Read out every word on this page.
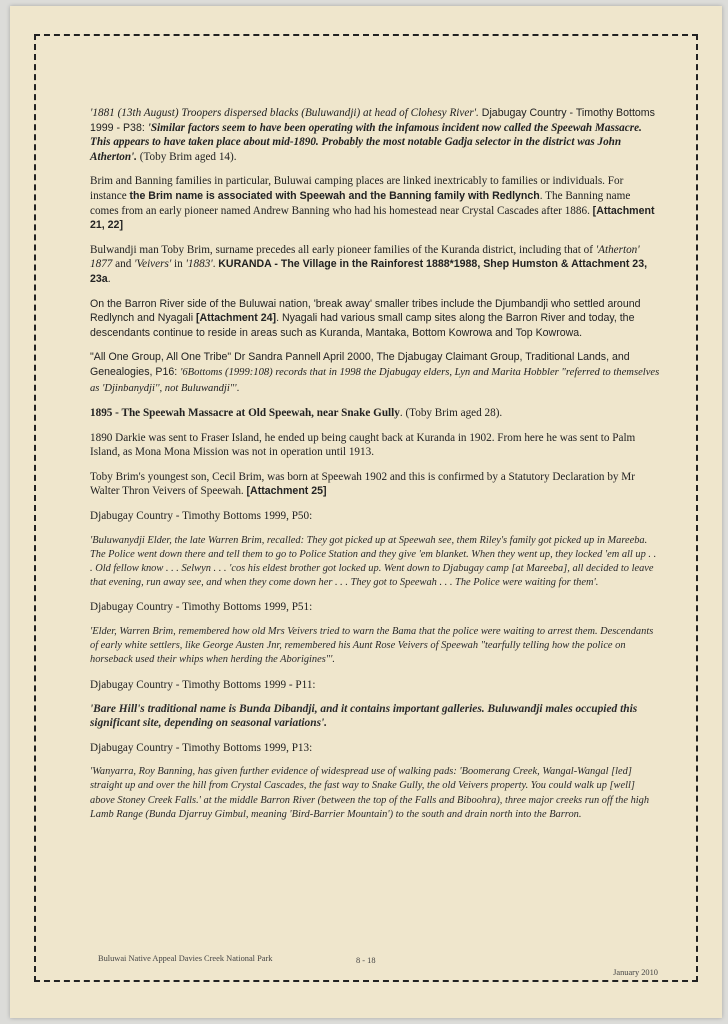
'1881 (13th August) Troopers dispersed blacks (Buluwandji) at head of Clohesy River'. Djabugay Country - Timothy Bottoms 1999 - P38: 'Similar factors seem to have been operating with the infamous incident now called the Speewah Massacre. This appears to have taken place about mid-1890. Probably the most notable Gadja selector in the district was John Atherton'. (Toby Brim aged 14).

Brim and Banning families in particular, Buluwai camping places are linked inextricably to families or individuals. For instance the Brim name is associated with Speewah and the Banning family with Redlynch. The Banning name comes from an early pioneer named Andrew Banning who had his homestead near Crystal Cascades after 1886. [Attachment 21, 22]

Bulwandji man Toby Brim, surname precedes all early pioneer families of the Kuranda district, including that of 'Atherton' 1877 and 'Veivers' in '1883'. KURANDA - The Village in the Rainforest 1888*1988, Shep Humston & Attachment 23, 23a.

On the Barron River side of the Buluwai nation, 'break away' smaller tribes include the Djumbandji who settled around Redlynch and Nyagali [Attachment 24]. Nyagali had various small camp sites along the Barron River and today, the descendants continue to reside in areas such as Kuranda, Mantaka, Bottom Kowrowa and Top Kowrowa.

"All One Group, All One Tribe" Dr Sandra Pannell April 2000, The Djabugay Claimant Group, Traditional Lands, and Genealogies, P16: '6Bottoms (1999:108) records that in 1998 the Djabugay elders, Lyn and Marita Hobbler "referred to themselves as 'Djinbanydji'', not Buluwandji"'.

1895 - The Speewah Massacre at Old Speewah, near Snake Gully. (Toby Brim aged 28).

1890 Darkie was sent to Fraser Island, he ended up being caught back at Kuranda in 1902. From here he was sent to Palm Island, as Mona Mona Mission was not in operation until 1913.

Toby Brim's youngest son, Cecil Brim, was born at Speewah 1902 and this is confirmed by a Statutory Declaration by Mr Walter Thron Veivers of Speewah. [Attachment 25]

Djabugay Country - Timothy Bottoms 1999, P50:

'Buluwanydji Elder, the late Warren Brim, recalled: They got picked up at Speewah see, them Riley's family got picked up in Mareeba. The Police went down there and tell them to go to Police Station and they give 'em blanket. When they went up, they locked 'em all up . . . Old fellow know . . . Selwyn . . . 'cos his eldest brother got locked up. Went down to Djabugay camp [at Mareeba], all decided to leave that evening, run away see, and when they come down her . . . They got to Speewah . . . The Police were waiting for them'.

Djabugay Country - Timothy Bottoms 1999, P51:

'Elder, Warren Brim, remembered how old Mrs Veivers tried to warn the Bama that the police were waiting to arrest them. Descendants of early white settlers, like George Austen Jnr, remembered his Aunt Rose Veivers of Speewah "tearfully telling how the police on horseback used their whips when herding the Aborigines"'.

Djabugay Country - Timothy Bottoms 1999 - P11:

'Bare Hill's traditional name is Bunda Dibandji, and it contains important galleries. Buluwandji males occupied this significant site, depending on seasonal variations'.

Djabugay Country - Timothy Bottoms 1999, P13:

'Wanyarra, Roy Banning, has given further evidence of widespread use of walking pads: 'Boomerang Creek, Wangal-Wangal [led] straight up and over the hill from Crystal Cascades, the fast way to Snake Gully, the old Veivers property. You could walk up [well] above Stoney Creek Falls.' at the middle Barron River (between the top of the Falls and Biboohra), three major creeks run off the high Lamb Range (Bunda Djarruy Gimbul, meaning 'Bird-Barrier Mountain') to the south and drain north into the Barron.

Buluwai Native Appeal Davies Creek National Park	8 - 18
January 2010
